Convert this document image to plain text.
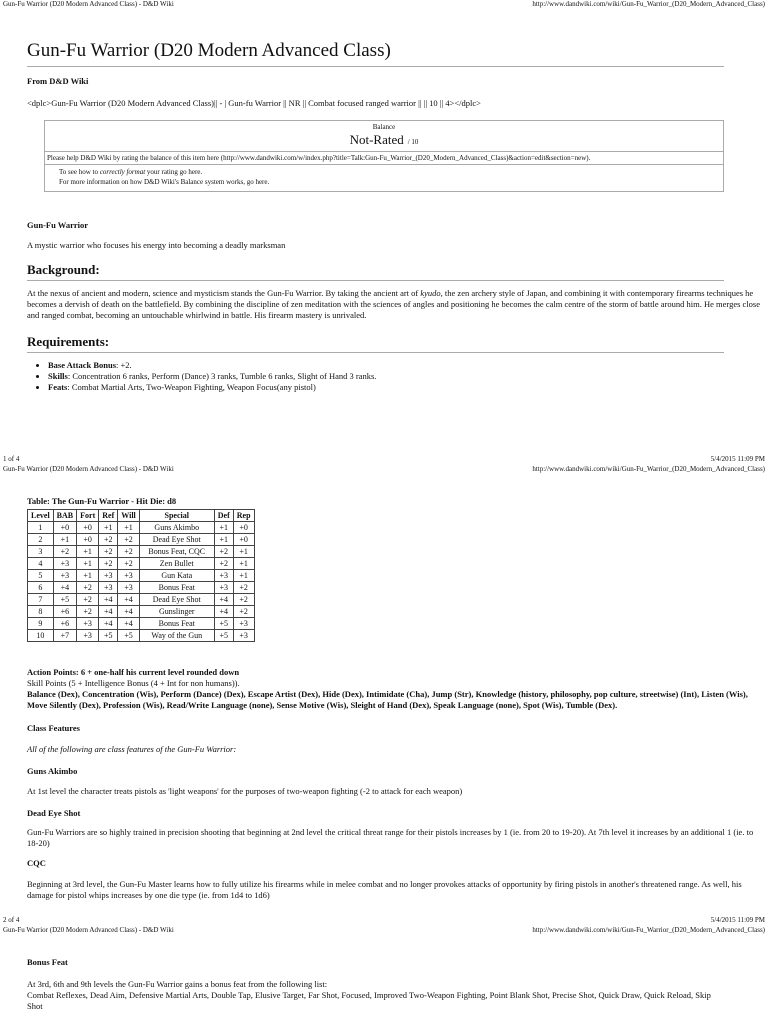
Gun-Fu Warrior (D20 Modern Advanced Class) - D&D Wiki	http://www.dandwiki.com/wiki/Gun-Fu_Warrior_(D20_Modern_Advanced_Class)
Gun-Fu Warrior (D20 Modern Advanced Class)
From D&D Wiki
<dplc>Gun-Fu Warrior (D20 Modern Advanced Class)|| - | Gun-fu Warrior || NR || Combat focused ranged warrior || || 10 || 4></dplc>
Balance
Not-Rated / 10
Please help D&D Wiki by rating the balance of this item here (http://www.dandwiki.com/w/index.php?title=Talk:Gun-Fu_Warrior_(D20_Modern_Advanced_Class)&action=edit&section=new).
To see how to correctly format your rating go here.
For more information on how D&D Wiki's Balance system works, go here.
Gun-Fu Warrior
A mystic warrior who focuses his energy into becoming a deadly marksman
Background:
At the nexus of ancient and modern, science and mysticism stands the Gun-Fu Warrior. By taking the ancient art of kyudo, the zen archery style of Japan, and combining it with contemporary firearms techniques he becomes a dervish of death on the battlefield. By combining the discipline of zen meditation with the sciences of angles and positioning he becomes the calm centre of the storm of battle around him. He merges close and ranged combat, becoming an untouchable whirlwind in battle. His firearm mastery is unrivaled.
Requirements:
• Base Attack Bonus: +2.
• Skills: Concentration 6 ranks, Perform (Dance) 3 ranks, Tumble 6 ranks, Slight of Hand 3 ranks.
• Feats: Combat Martial Arts, Two-Weapon Fighting, Weapon Focus(any pistol)
1 of 4	5/4/2015 11:09 PM
Gun-Fu Warrior (D20 Modern Advanced Class) - D&D Wiki	http://www.dandwiki.com/wiki/Gun-Fu_Warrior_(D20_Modern_Advanced_Class)
Table: The Gun-Fu Warrior - Hit Die: d8
Level	BAB	Fort	Ref	Will	Special	Def	Rep
1	+0	+0	+1	+1	Guns Akimbo	+1	+0
2	+1	+0	+2	+2	Dead Eye Shot	+1	+0
3	+2	+1	+2	+2	Bonus Feat, CQC	+2	+1
4	+3	+1	+2	+2	Zen Bullet	+2	+1
5	+3	+1	+3	+3	Gun Kata	+3	+1
6	+4	+2	+3	+3	Bonus Feat	+3	+2
7	+5	+2	+4	+4	Dead Eye Shot	+4	+2
8	+6	+2	+4	+4	Gunslinger	+4	+2
9	+6	+3	+4	+4	Bonus Feat	+5	+3
10	+7	+3	+5	+5	Way of the Gun	+5	+3
Action Points: 6 + one-half his current level rounded down
Skill Points (5 + Intelligence Bonus (4 + Int for non humans)).
Balance (Dex), Concentration (Wis), Perform (Dance) (Dex), Escape Artist (Dex), Hide (Dex), Intimidate (Cha), Jump (Str), Knowledge (history, philosophy, pop culture, streetwise) (Int), Listen (Wis), Move Silently (Dex), Profession (Wis), Read/Write Language (none), Sense Motive (Wis), Sleight of Hand (Dex), Speak Language (none), Spot (Wis), Tumble (Dex).
Class Features
All of the following are class features of the Gun-Fu Warrior:
Guns Akimbo
At 1st level the character treats pistols as 'light weapons' for the purposes of two-weapon fighting (-2 to attack for each weapon)
Dead Eye Shot
Gun-Fu Warriors are so highly trained in precision shooting that beginning at 2nd level the critical threat range for their pistols increases by 1 (ie. from 20 to 19-20). At 7th level it increases by an additional 1 (ie. to 18-20)
CQC
Beginning at 3rd level, the Gun-Fu Master learns how to fully utilize his firearms while in melee combat and no longer provokes attacks of opportunity by firing pistols in another's threatened range. As well, his damage for pistol whips increases by one die type (ie. from 1d4 to 1d6)
2 of 4	5/4/2015 11:09 PM
Gun-Fu Warrior (D20 Modern Advanced Class) - D&D Wiki	http://www.dandwiki.com/wiki/Gun-Fu_Warrior_(D20_Modern_Advanced_Class)
Bonus Feat
At 3rd, 6th and 9th levels the Gun-Fu Warrior gains a bonus feat from the following list:
Combat Reflexes, Dead Aim, Defensive Martial Arts, Double Tap, Elusive Target, Far Shot, Focused, Improved Two-Weapon Fighting, Point Blank Shot, Precise Shot, Quick Draw, Quick Reload, Skip Shot
